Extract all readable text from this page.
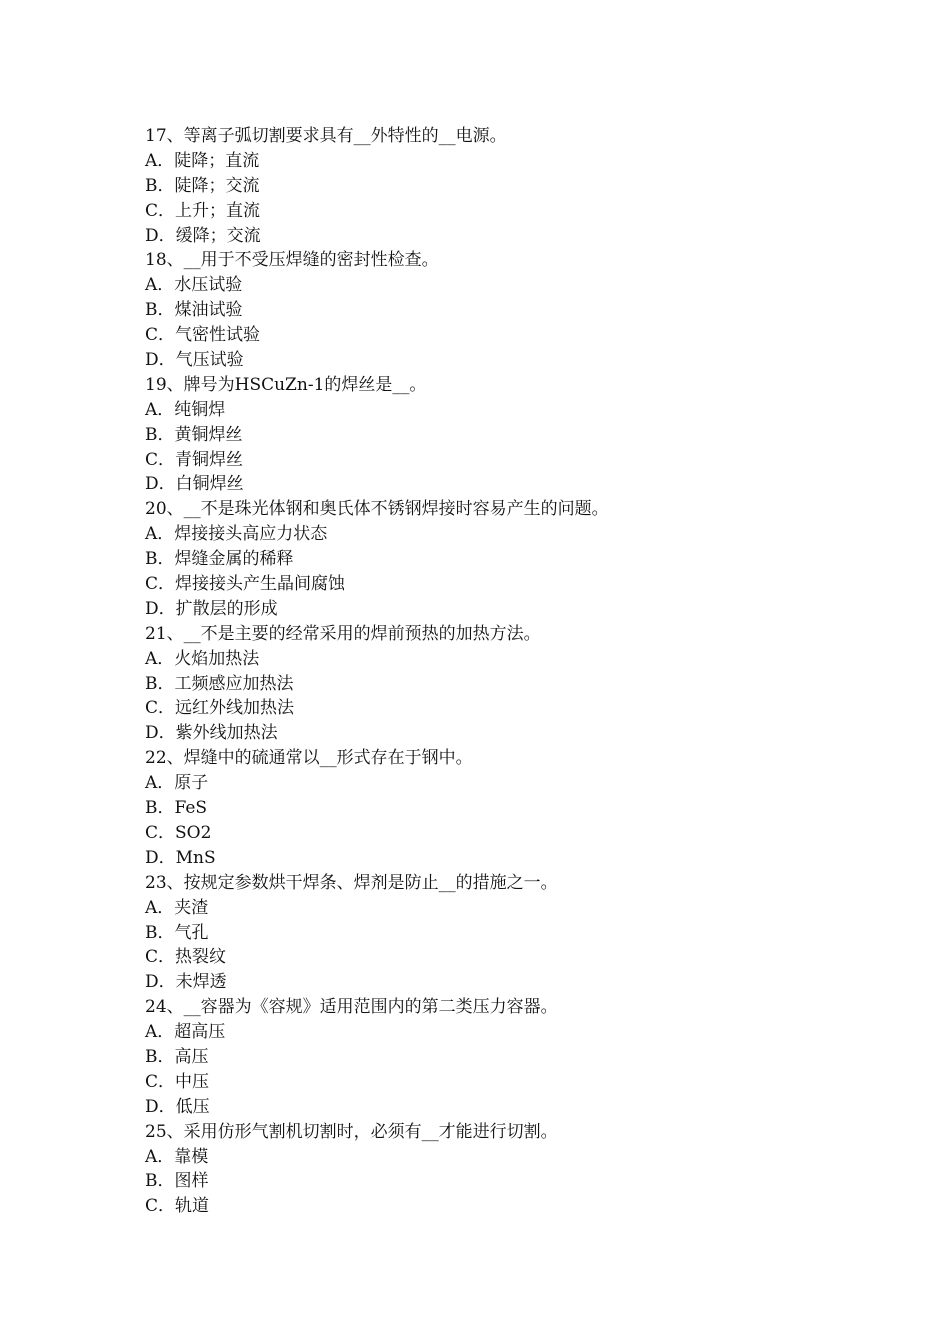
17、等离子弧切割要求具有__外特性的__电源。
A．陡降；直流
B．陡降；交流
C．上升；直流
D．缓降；交流
18、__用于不受压焊缝的密封性检查。
A．水压试验
B．煤油试验
C．气密性试验
D．气压试验
19、牌号为HSCuZn-1的焊丝是__。
A．纯铜焊
B．黄铜焊丝
C．青铜焊丝
D．白铜焊丝
20、__不是珠光体钢和奥氏体不锈钢焊接时容易产生的问题。
A．焊接接头高应力状态
B．焊缝金属的稀释
C．焊接接头产生晶间腐蚀
D．扩散层的形成
21、__不是主要的经常采用的焊前预热的加热方法。
A．火焰加热法
B．工频感应加热法
C．远红外线加热法
D．紫外线加热法
22、焊缝中的硫通常以__形式存在于钢中。
A．原子
B．FeS
C．SO2
D．MnS
23、按规定参数烘干焊条、焊剂是防止__的措施之一。
A．夹渣
B．气孔
C．热裂纹
D．未焊透
24、__容器为《容规》适用范围内的第二类压力容器。
A．超高压
B．高压
C．中压
D．低压
25、采用仿形气割机切割时，必须有__才能进行切割。
A．靠模
B．图样
C．轨道
